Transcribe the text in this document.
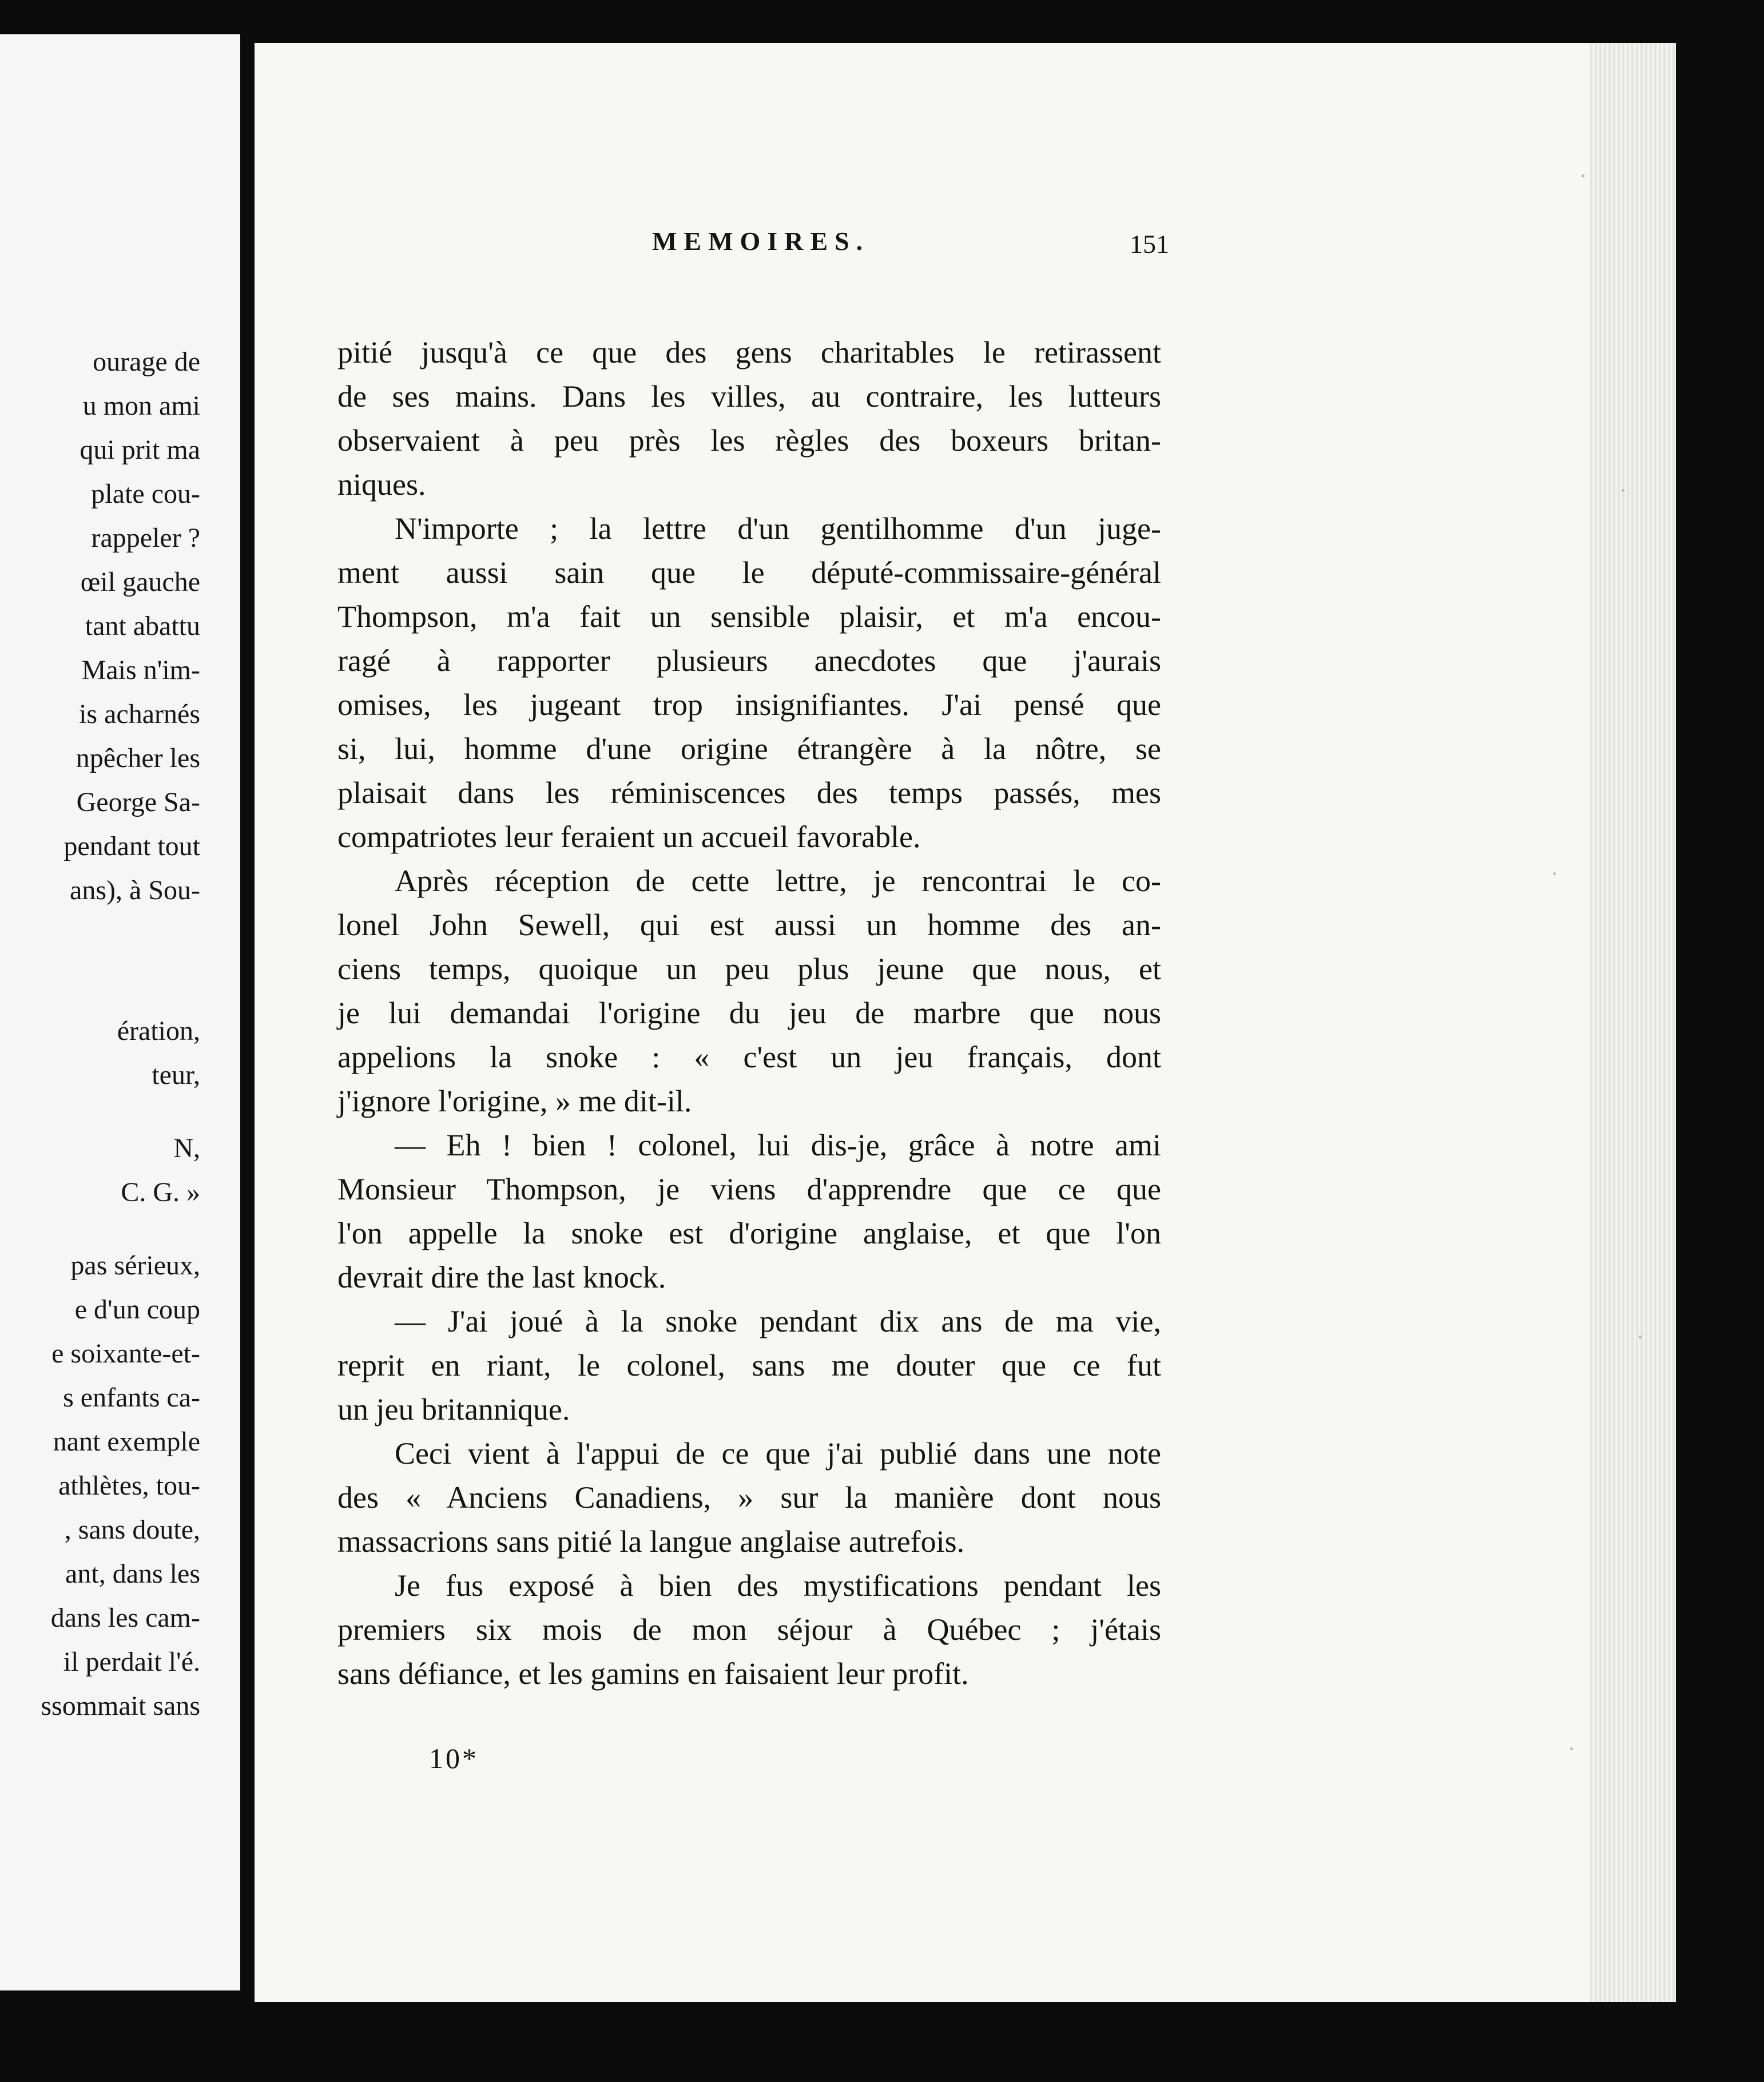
ourage de
u mon ami
qui prit ma
plate cou-
rappeler ?
œil gauche
tant abattu
Mais n'im-
is acharnés
npêcher les
George Sa-
pendant tout
ans), à Sou-
ération,
teur,
N,
C. G. »
pas sérieux,
e d'un coup
e soixante-et-
s enfants ca-
nant exemple
athlètes, tou-
, sans doute,
ant, dans les
dans les cam-
il perdait l'é.
ssommait sans
MEMOIRES.	151
pitié jusqu'à ce que des gens charitables le retirassent
de ses mains. Dans les villes, au contraire, les lutteurs
observaient à peu près les règles des boxeurs britan-
niques.
N'importe ; la lettre d'un gentilhomme d'un juge-
ment aussi sain que le député-commissaire-général
Thompson, m'a fait un sensible plaisir, et m'a encou-
ragé à rapporter plusieurs anecdotes que j'aurais
omises, les jugeant trop insignifiantes. J'ai pensé que
si, lui, homme d'une origine étrangère à la nôtre, se
plaisait dans les réminiscences des temps passés, mes
compatriotes leur feraient un accueil favorable.
Après réception de cette lettre, je rencontrai le co-
lonel John Sewell, qui est aussi un homme des an-
ciens temps, quoique un peu plus jeune que nous, et
je lui demandai l'origine du jeu de marbre que nous
appelions la snoke : « c'est un jeu français, dont
j'ignore l'origine, » me dit-il.
— Eh ! bien ! colonel, lui dis-je, grâce à notre ami
Monsieur Thompson, je viens d'apprendre que ce que
l'on appelle la snoke est d'origine anglaise, et que l'on
devrait dire the last knock.
— J'ai joué à la snoke pendant dix ans de ma vie,
reprit en riant, le colonel, sans me douter que ce fut
un jeu britannique.
Ceci vient à l'appui de ce que j'ai publié dans une note
des « Anciens Canadiens, » sur la manière dont nous
massacrions sans pitié la langue anglaise autrefois.
Je fus exposé à bien des mystifications pendant les
premiers six mois de mon séjour à Québec ; j'étais
sans défiance, et les gamins en faisaient leur profit.
10*
